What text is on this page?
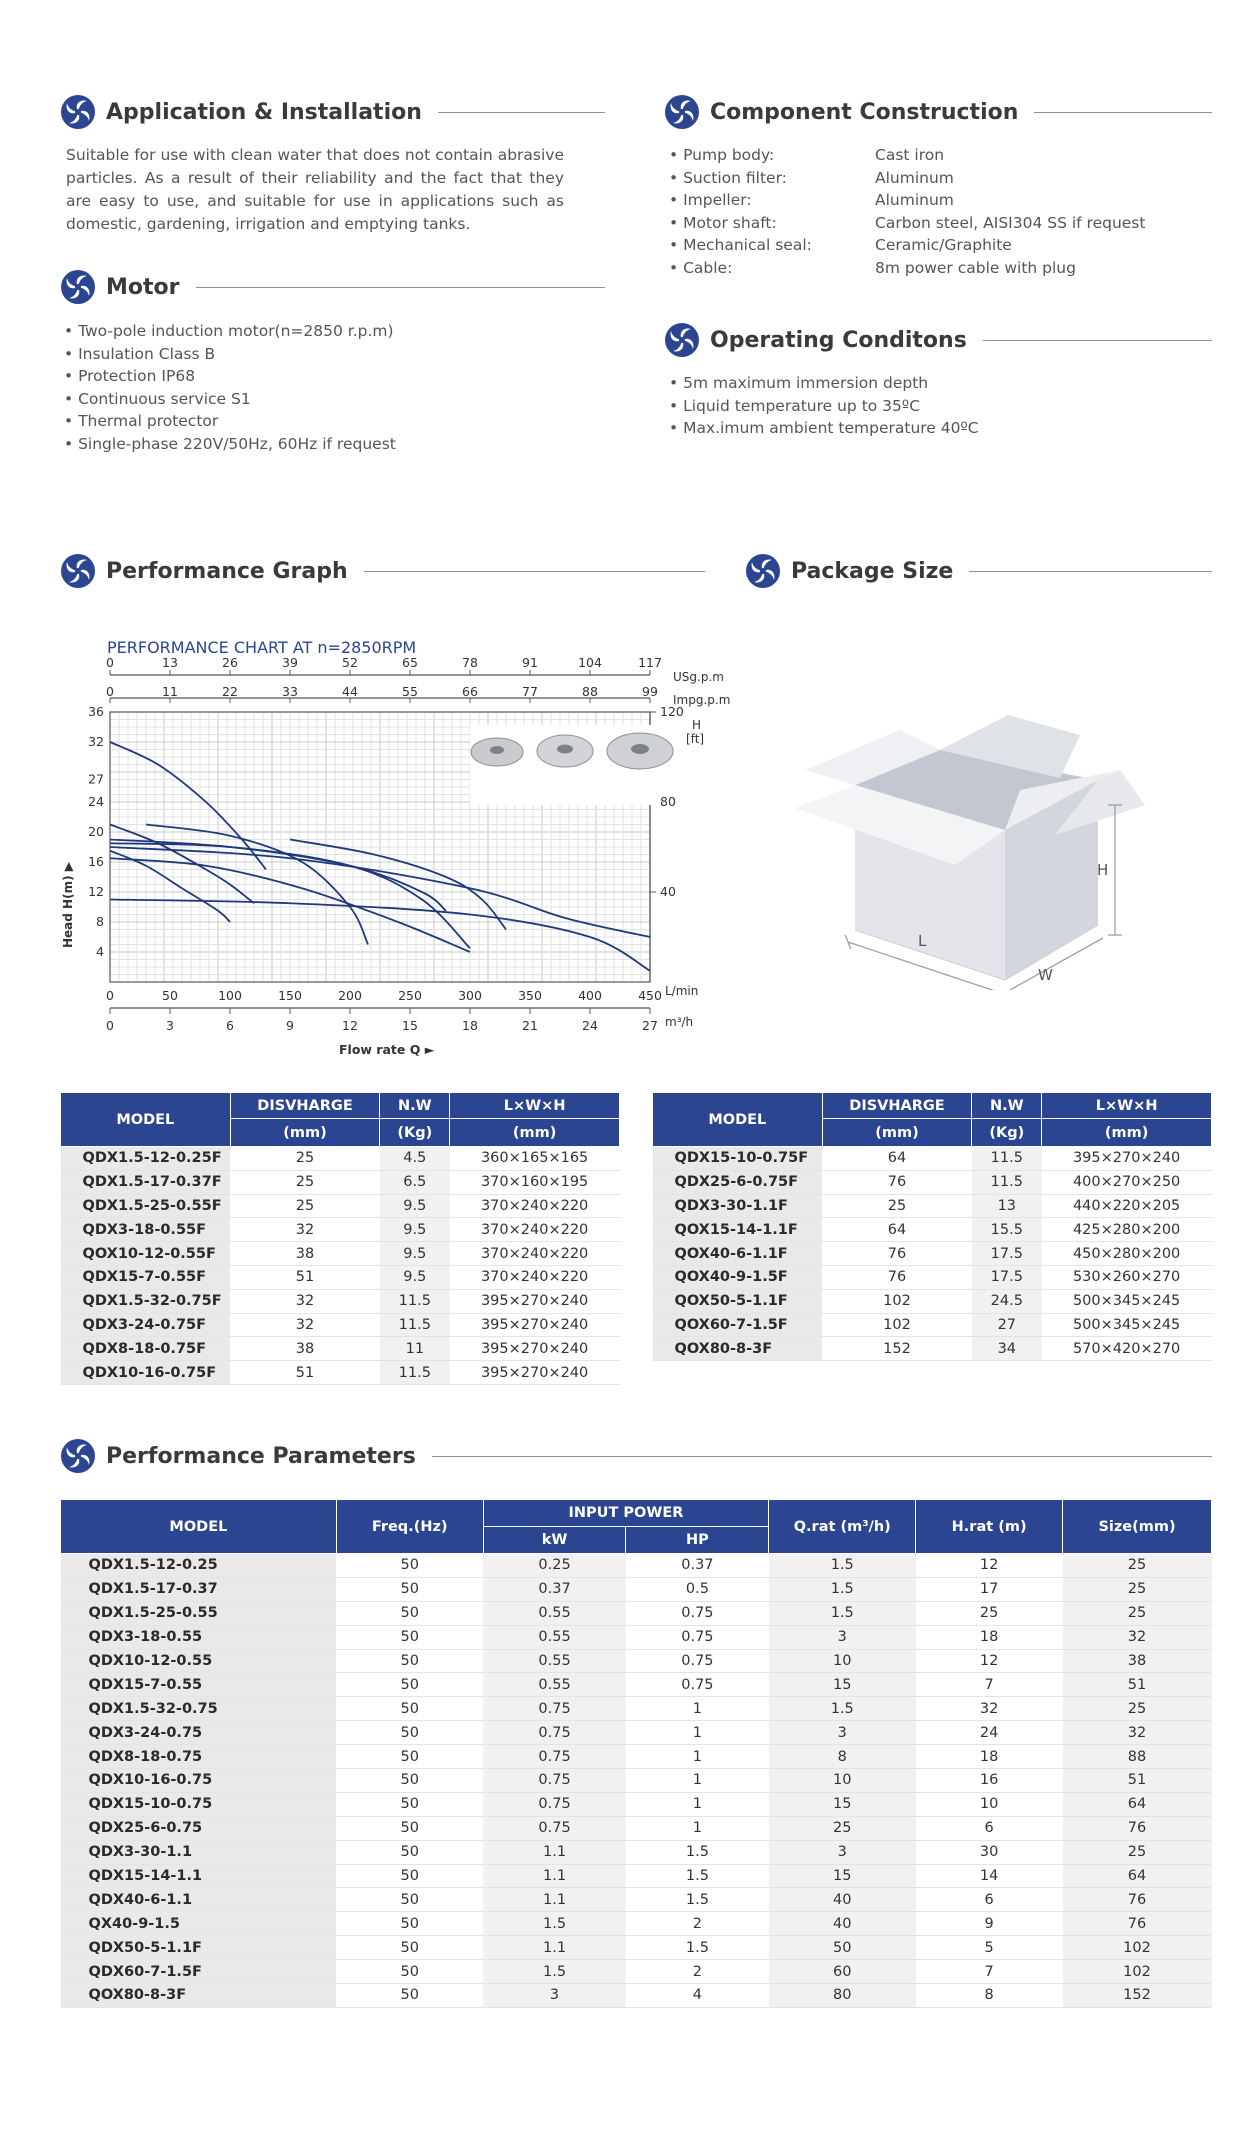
Application & Installation
Suitable for use with clean water that does not contain abrasive particles. As a result of their reliability and the fact that they are easy to use, and suitable for use in applications such as domestic, gardening, irrigation and emptying tanks.
Motor
• Two-pole induction motor(n=2850 r.p.m)
• Insulation Class B
• Protection IP68
• Continuous service S1
• Thermal protector
• Single-phase 220V/50Hz, 60Hz if request
Component Construction
• Pump body:	Cast iron
• Suction filter:	Aluminum
• Impeller:	Aluminum
• Motor shaft:	Carbon steel, AISI304 SS if request
• Mechanical seal:	Ceramic/Graphite
• Cable:	8m power cable with plug
Operating Conditons
• 5m maximum immersion depth
• Liquid temperature up to 35ºC
• Max.imum ambient temperature 40ºC
Performance Graph	Package Size
PERFORMANCE CHART AT n=2850RPM
0
0
0
0
13
11
50
3
26
22
100
6
39
33
150
9
52
44
200
12
65
55
250
15
78
66
300
18
91
77
350
21
104
88
400
24
117
99
450
27
4
8
12
16
20
24
27
32
36
40
80
120
Head H(m) ▶
Flow rate Q ►
USg.p.m
Impg.p.m
L/min
m³/h
H
[ft]
H
L
W
MODEL	DISVHARGE	N.W	L×W×H
	(mm)	(Kg)	(mm)
QDX1.5-12-0.25F	25	4.5	360×165×165
QDX1.5-17-0.37F	25	6.5	370×160×195
QDX1.5-25-0.55F	25	9.5	370×240×220
QDX3-18-0.55F	32	9.5	370×240×220
QOX10-12-0.55F	38	9.5	370×240×220
QDX15-7-0.55F	51	9.5	370×240×220
QDX1.5-32-0.75F	32	11.5	395×270×240
QDX3-24-0.75F	32	11.5	395×270×240
QDX8-18-0.75F	38	11	395×270×240
QDX10-16-0.75F	51	11.5	395×270×240
MODEL	DISVHARGE	N.W	L×W×H
	(mm)	(Kg)	(mm)
QDX15-10-0.75F	64	11.5	395×270×240
QDX25-6-0.75F	76	11.5	400×270×250
QDX3-30-1.1F	25	13	440×220×205
QOX15-14-1.1F	64	15.5	425×280×200
QOX40-6-1.1F	76	17.5	450×280×200
QOX40-9-1.5F	76	17.5	530×260×270
QOX50-5-1.1F	102	24.5	500×345×245
QOX60-7-1.5F	102	27	500×345×245
QOX80-8-3F	152	34	570×420×270
Performance Parameters
MODEL	Freq.(Hz)	INPUT POWER		Q.rat (m³/h)	H.rat (m)	Size(mm)
		kW	HP			
QDX1.5-12-0.25	50	0.25	0.37	1.5	12	25
QDX1.5-17-0.37	50	0.37	0.5	1.5	17	25
QDX1.5-25-0.55	50	0.55	0.75	1.5	25	25
QDX3-18-0.55	50	0.55	0.75	3	18	32
QDX10-12-0.55	50	0.55	0.75	10	12	38
QDX15-7-0.55	50	0.55	0.75	15	7	51
QDX1.5-32-0.75	50	0.75	1	1.5	32	25
QDX3-24-0.75	50	0.75	1	3	24	32
QDX8-18-0.75	50	0.75	1	8	18	88
QDX10-16-0.75	50	0.75	1	10	16	51
QDX15-10-0.75	50	0.75	1	15	10	64
QDX25-6-0.75	50	0.75	1	25	6	76
QDX3-30-1.1	50	1.1	1.5	3	30	25
QDX15-14-1.1	50	1.1	1.5	15	14	64
QDX40-6-1.1	50	1.1	1.5	40	6	76
QX40-9-1.5	50	1.5	2	40	9	76
QDX50-5-1.1F	50	1.1	1.5	50	5	102
QDX60-7-1.5F	50	1.5	2	60	7	102
QOX80-8-3F	50	3	4	80	8	152
